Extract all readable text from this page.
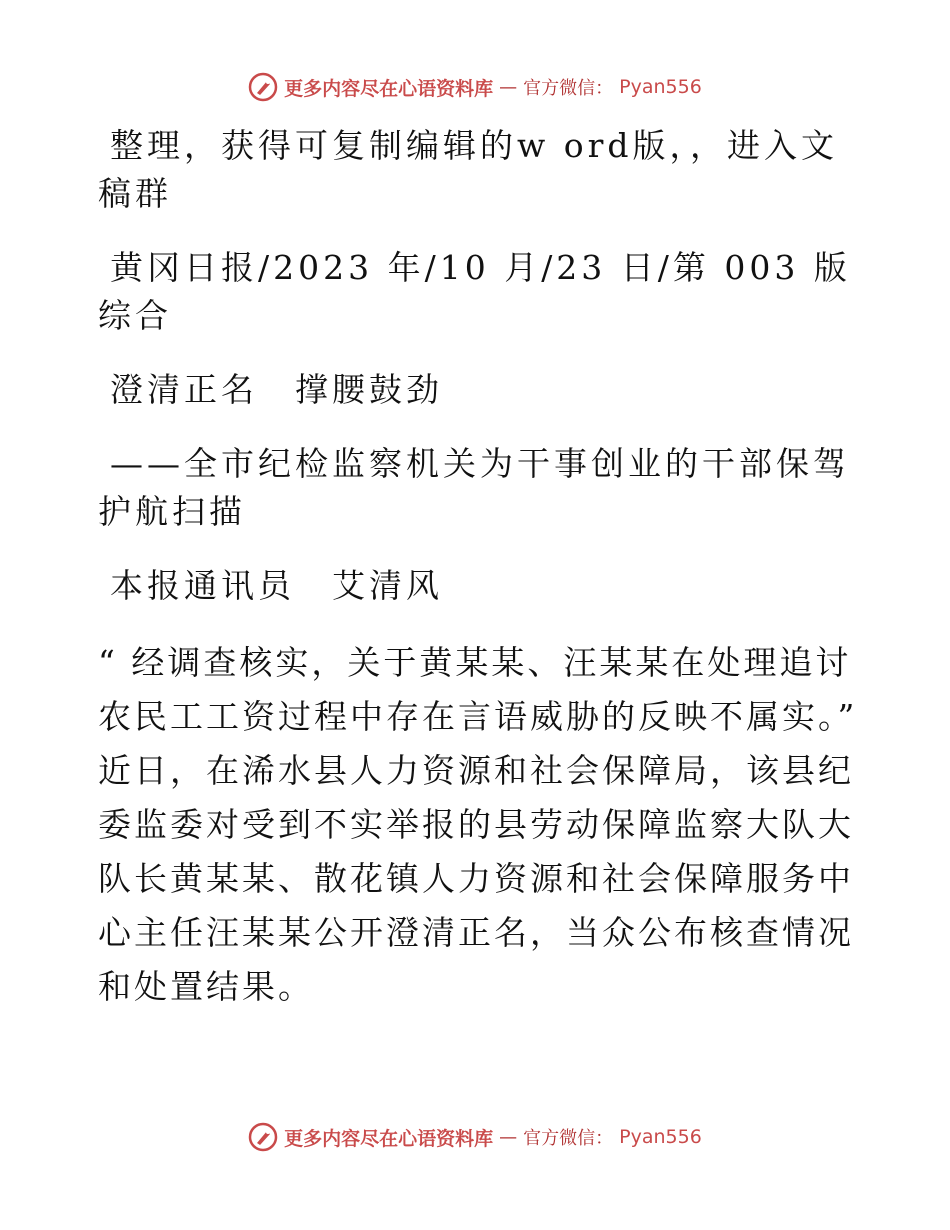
更多内容尽在心语资料库 — 官方微信： Pyan556

整理，获得可复制编辑的w ord版，，进入文稿群

黄冈日报/2023 年/10 月/23 日/第 003 版综合

澄清正名　撑腰鼓劲

——全市纪检监察机关为干事创业的干部保驾护航扫描

本报通讯员　艾清风

“ 经调查核实，关于黄某某、汪某某在处理追讨农民工工资过程中存在言语威胁的反映不属实。” 近日，在浠水县人力资源和社会保障局，该县纪委监委对受到不实举报的县劳动保障监察大队大队长黄某某、散花镇人力资源和社会保障服务中心主任汪某某公开澄清正名，当众公布核查情况和处置结果。

更多内容尽在心语资料库 — 官方微信： Pyan556
